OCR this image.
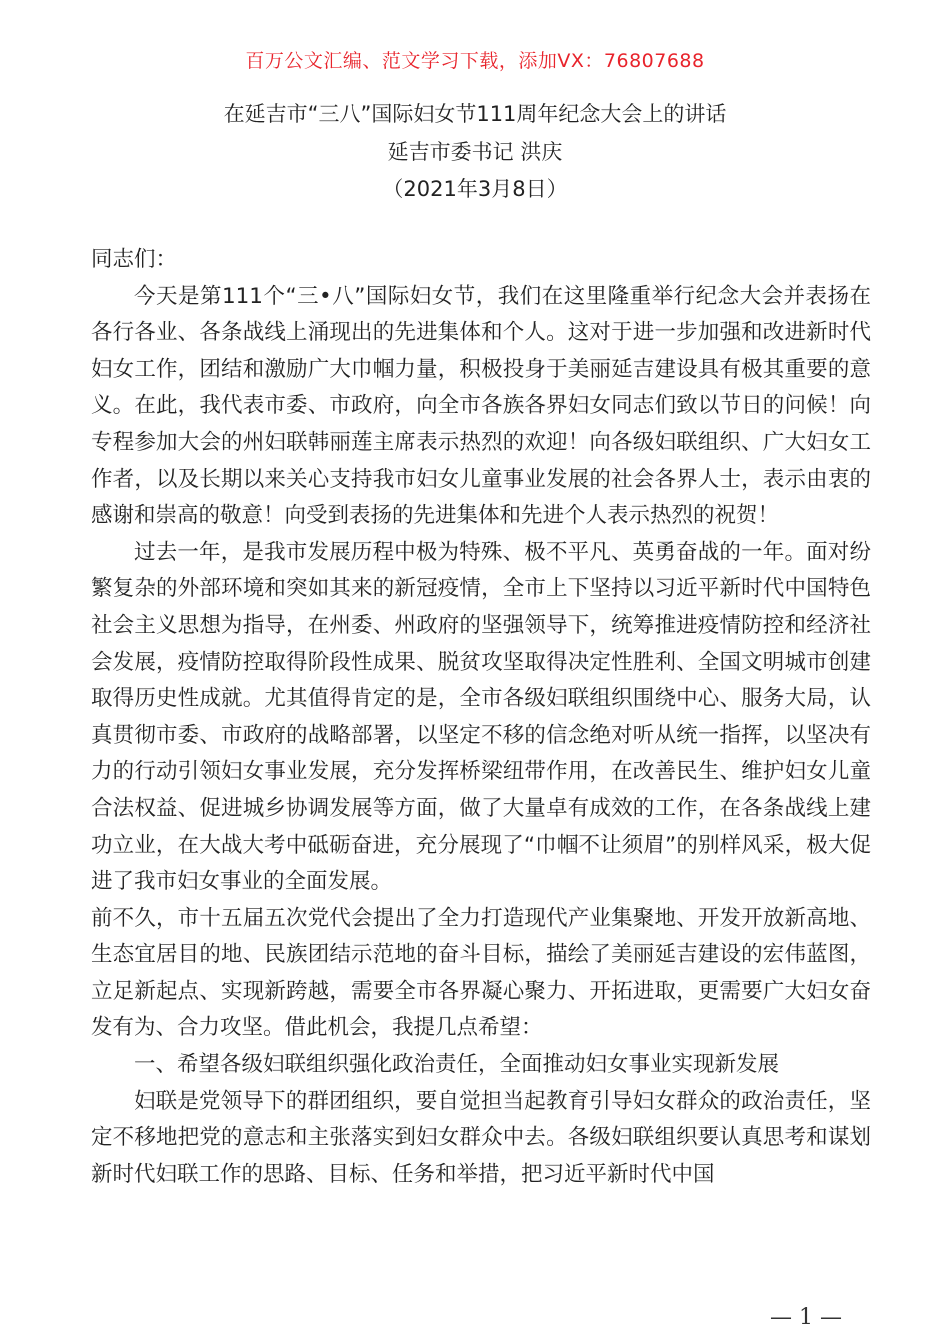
百万公文汇编、范文学习下载，添加VX：76807688
在延吉市“三八”国际妇女节111周年纪念大会上的讲话
延吉市委书记 洪庆
（2021年3月8日）

同志们：

今天是第111个“三•八”国际妇女节，我们在这里隆重举行纪念大会并表扬在各行各业、各条战线上涌现出的先进集体和个人。这对于进一步加强和改进新时代妇女工作，团结和激励广大巾帼力量，积极投身于美丽延吉建设具有极其重要的意义。在此，我代表市委、市政府，向全市各族各界妇女同志们致以节日的问候！向专程参加大会的州妇联韩丽莲主席表示热烈的欢迎！向各级妇联组织、广大妇女工作者，以及长期以来关心支持我市妇女儿童事业发展的社会各界人士，表示由衷的感谢和崇高的敬意！向受到表扬的先进集体和先进个人表示热烈的祝贺！

过去一年，是我市发展历程中极为特殊、极不平凡、英勇奋战的一年。面对纷繁复杂的外部环境和突如其来的新冠疫情，全市上下坚持以习近平新时代中国特色社会主义思想为指导，在州委、州政府的坚强领导下，统筹推进疫情防控和经济社会发展，疫情防控取得阶段性成果、脱贫攻坚取得决定性胜利、全国文明城市创建取得历史性成就。尤其值得肯定的是，全市各级妇联组织围绕中心、服务大局，认真贯彻市委、市政府的战略部署，以坚定不移的信念绝对听从统一指挥，以坚决有力的行动引领妇女事业发展，充分发挥桥梁纽带作用，在改善民生、维护妇女儿童合法权益、促进城乡协调发展等方面，做了大量卓有成效的工作，在各条战线上建功立业，在大战大考中砥砺奋进，充分展现了“巾帼不让须眉”的别样风采，极大促进了我市妇女事业的全面发展。

前不久，市十五届五次党代会提出了全力打造现代产业集聚地、开发开放新高地、生态宜居目的地、民族团结示范地的奋斗目标，描绘了美丽延吉建设的宏伟蓝图，立足新起点、实现新跨越，需要全市各界凝心聚力、开拓进取，更需要广大妇女奋发有为、合力攻坚。借此机会，我提几点希望：

一、希望各级妇联组织强化政治责任，全面推动妇女事业实现新发展

妇联是党领导下的群团组织，要自觉担当起教育引导妇女群众的政治责任，坚定不移地把党的意志和主张落实到妇女群众中去。各级妇联组织要认真思考和谋划新时代妇联工作的思路、目标、任务和举措，把习近平新时代中国

— 1 —
